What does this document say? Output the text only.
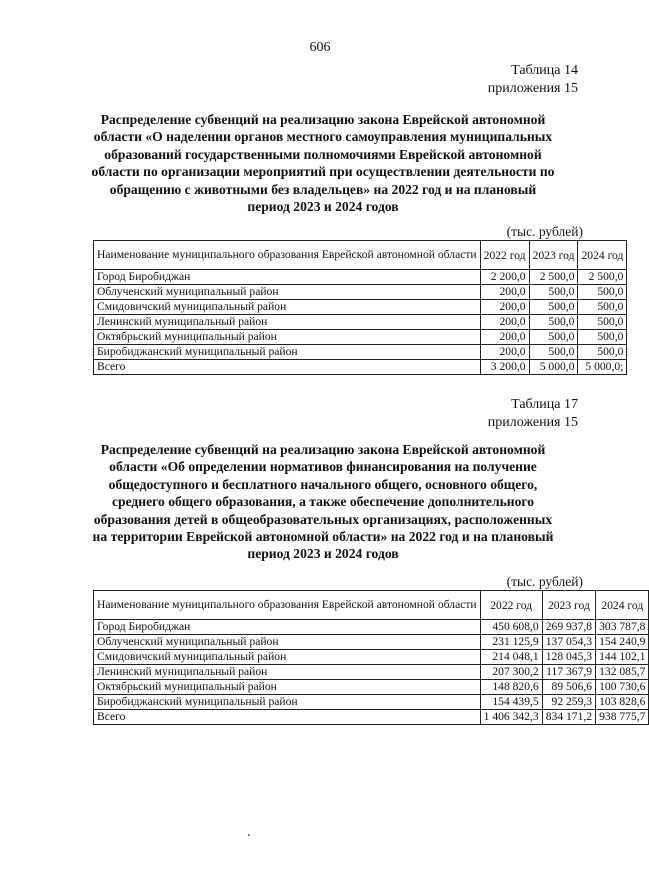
606
Таблица 14
приложения 15
Распределение субвенций на реализацию закона Еврейской автономной области «О наделении органов местного самоуправления муниципальных образований государственными полномочиями Еврейской автономной области по организации мероприятий при осуществлении деятельности по обращению с животными без владельцев» на 2022 год и на плановый период 2023 и 2024 годов
(тыс. рублей)
Наименование муниципального образования Еврейской автономной области	2022 год	2023 год	2024 год
Город Биробиджан	2 200,0	2 500,0	2 500,0
Облученский муниципальный район	200,0	500,0	500,0
Смидовичский муниципальный район	200,0	500,0	500,0
Ленинский муниципальный район	200,0	500,0	500,0
Октябрьский муниципальный район	200,0	500,0	500,0
Биробиджанский муниципальный район	200,0	500,0	500,0
Всего	3 200,0	5 000,0	5 000,0;
Таблица 17
приложения 15
Распределение субвенций на реализацию закона Еврейской автономной области «Об определении нормативов финансирования на получение общедоступного и бесплатного начального общего, основного общего, среднего общего образования, а также обеспечение дополнительного образования детей в общеобразовательных организациях, расположенных на территории Еврейской автономной области» на 2022 год и на плановый период 2023 и 2024 годов
(тыс. рублей)
Наименование муниципального образования Еврейской автономной области	2022 год	2023 год	2024 год
Город Биробиджан	450 608,0	269 937,8	303 787,8
Облученский муниципальный район	231 125,9	137 054,3	154 240,9
Смидовичский муниципальный район	214 048,1	128 045,3	144 102,1
Ленинский муниципальный район	207 300,2	117 367,9	132 085,7
Октябрьский муниципальный район	148 820,6	89 506,6	100 730,6
Биробиджанский муниципальный район	154 439,5	92 259,3	103 828,6
Всего	1 406 342,3	834 171,2	938 775,7
